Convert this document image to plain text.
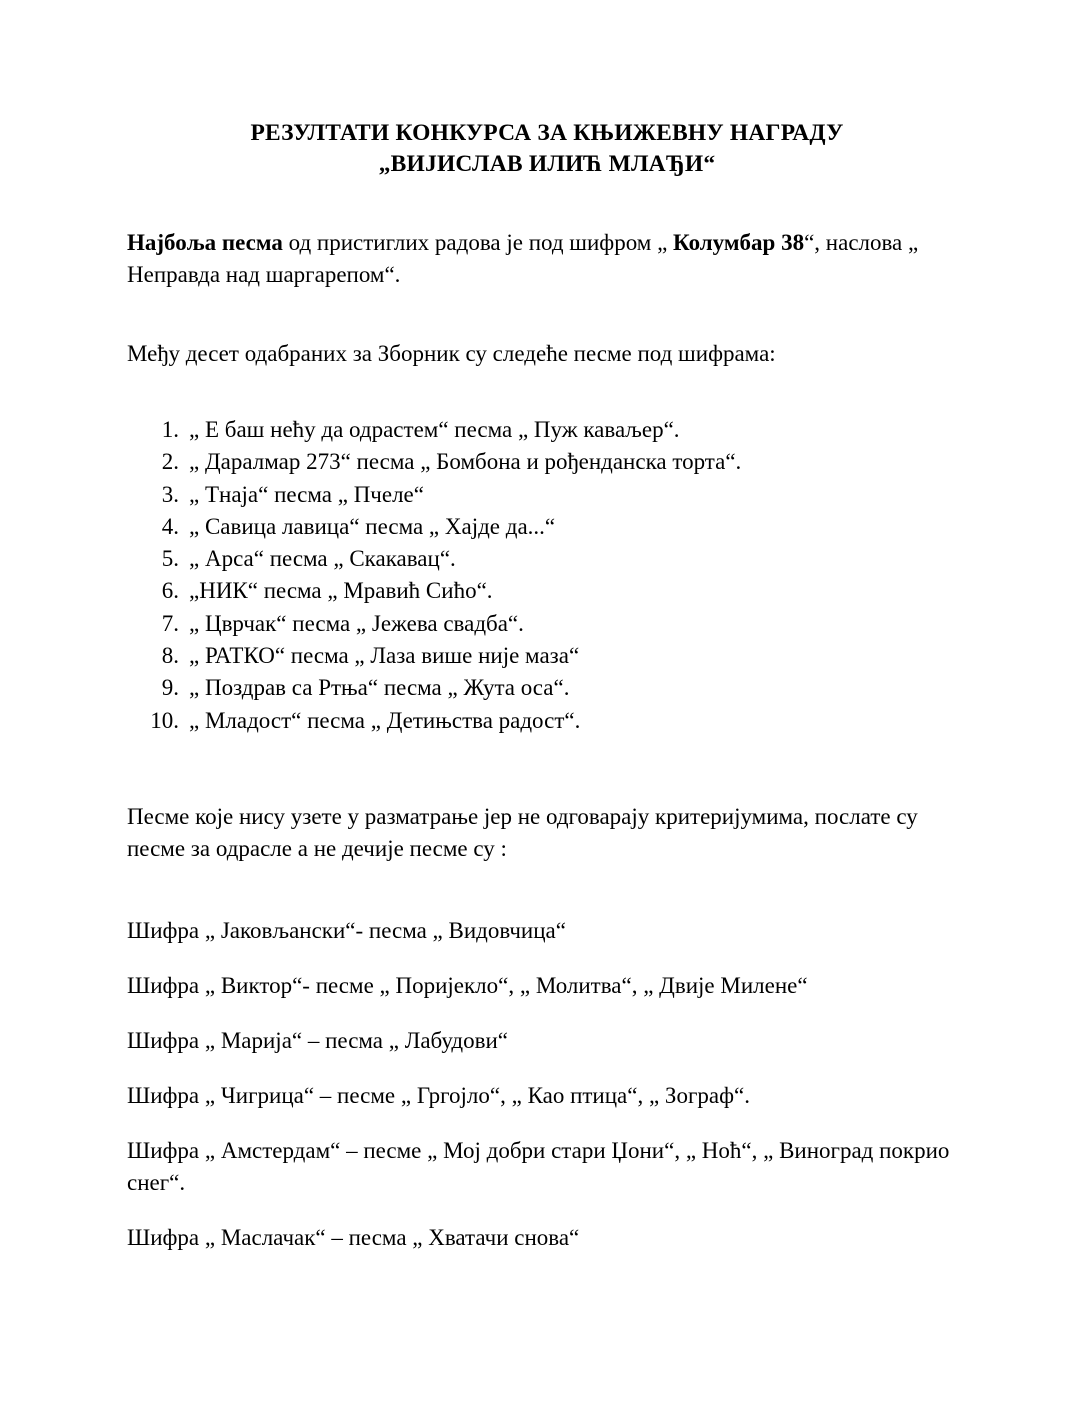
РЕЗУЛТАТИ КОНКУРСА ЗА КЊИЖЕВНУ НАГРАДУ
„ВИЈИСЛАВ ИЛИЋ МЛАЂИ“

Најбоља песма од пристиглих радова је под шифром „ Колумбар 38“, наслова „ Неправда над шаргарепом“.

Међу десет одабраних за Зборник су следеће песме под шифрама:

1. „ Е баш нећу да одрастем“ песма „ Пуж каваљер“.
2. „ Даралмар 273“ песма „ Бомбона и рођенданска торта“.
3. „ Тнаја“ песма „ Пчеле“
4. „ Савица лавица“ песма „ Хајде да...“
5. „ Арса“ песма „ Скакавац“.
6. „НИК“ песма „ Мравић Сићо“.
7. „ Цврчак“ песма „ Јежева свадба“.
8. „ РАТКО“ песма „ Лаза више није маза“
9. „ Поздрав са Ртња“ песма „ Жута оса“.
10. „ Младост“ песма „ Детињства радост“.

Песме које нису узете у разматрање јер не одговарају критеријумима, послате су песме за одрасле а не дечије песме су :

Шифра „ Јаковљански“- песма „ Видовчица“

Шифра „ Виктор“- песме „ Поријекло“, „ Молитва“, „ Двије Милене“

Шифра „ Марија“ – песма „ Лабудови“

Шифра „ Чигрица“ – песме „ Гргојло“, „ Као птица“, „ Зограф“.

Шифра „ Амстердам“ – песме „ Мој добри стари Џони“, „ Ноћ“, „ Виноград покрио снег“.

Шифра „ Маслачак“ – песма „ Хватачи снова“
